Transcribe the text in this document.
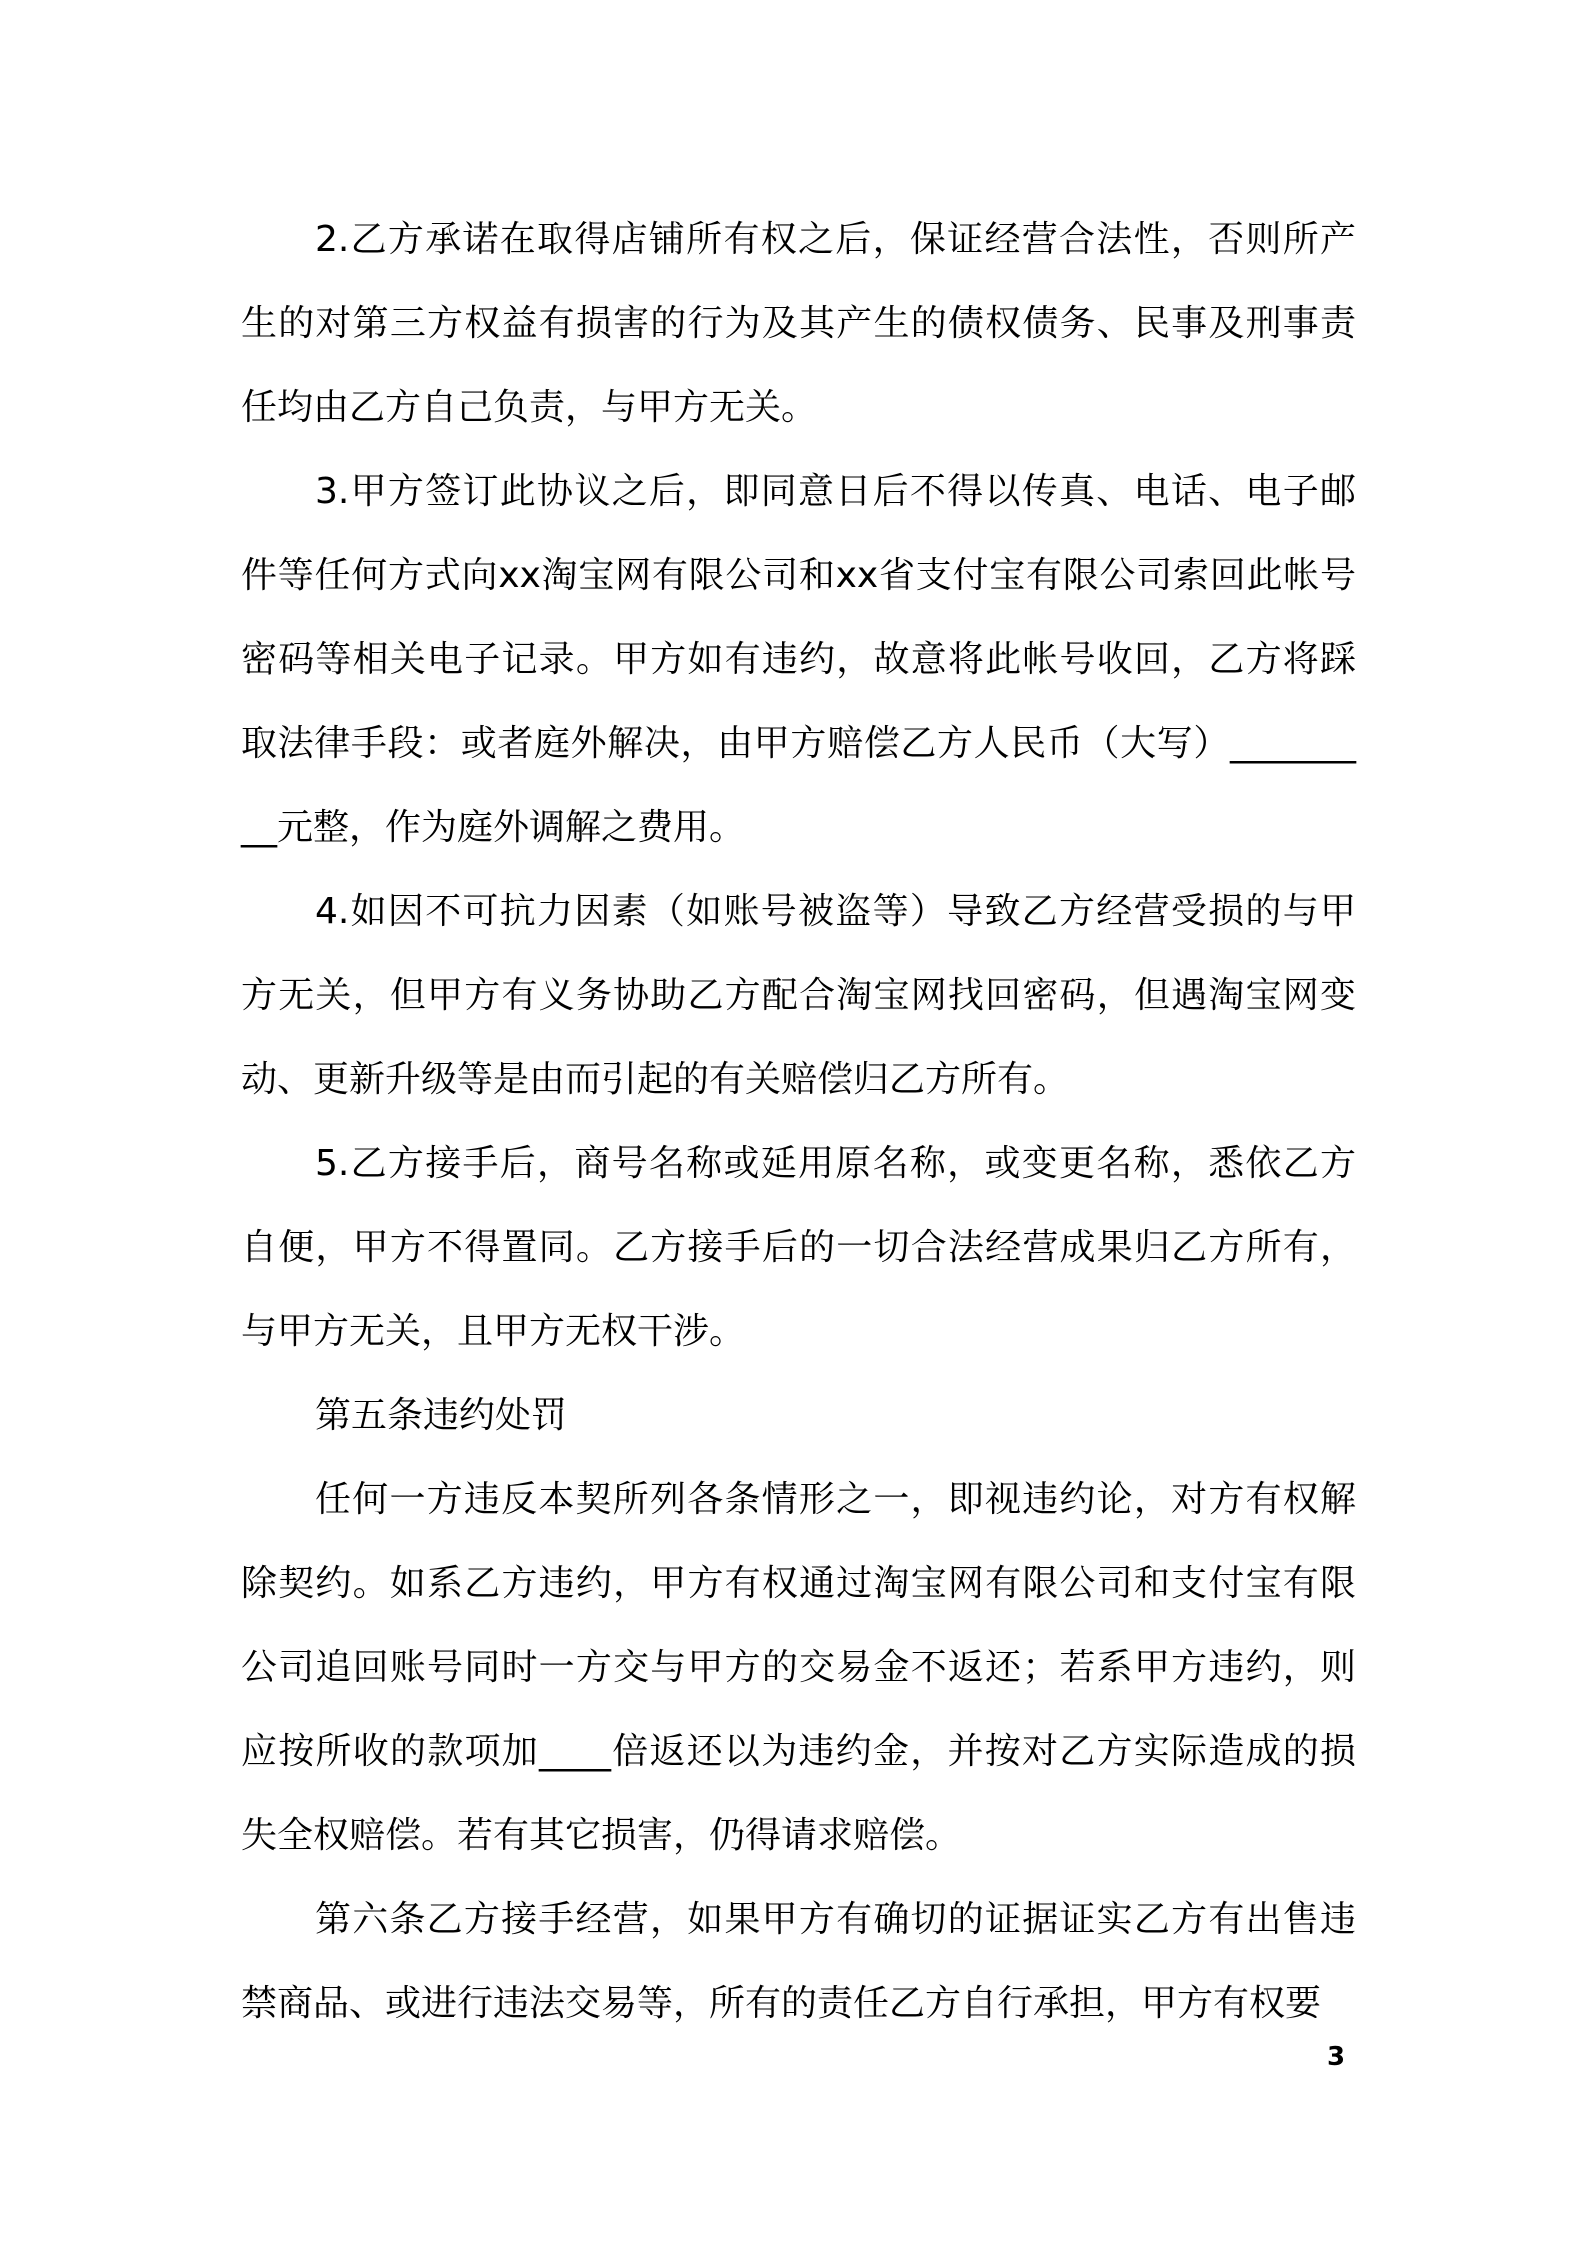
2.乙方承诺在取得店铺所有权之后，保证经营合法性，否则所产生的对第三方权益有损害的行为及其产生的债权债务、民事及刑事责任均由乙方自己负责，与甲方无关。

3.甲方签订此协议之后，即同意日后不得以传真、电话、电子邮件等任何方式向xx淘宝网有限公司和xx省支付宝有限公司索回此帐号密码等相关电子记录。甲方如有违约，故意将此帐号收回，乙方将踩取法律手段：或者庭外解决，由甲方赔偿乙方人民币（大写）_________元整，作为庭外调解之费用。

4.如因不可抗力因素（如账号被盗等）导致乙方经营受损的与甲方无关，但甲方有义务协助乙方配合淘宝网找回密码，但遇淘宝网变动、更新升级等是由而引起的有关赔偿归乙方所有。

5.乙方接手后，商号名称或延用原名称，或变更名称，悉依乙方自便，甲方不得置同。乙方接手后的一切合法经营成果归乙方所有，与甲方无关，且甲方无权干涉。

第五条违约处罚

任何一方违反本契所列各条情形之一，即视违约论，对方有权解除契约。如系乙方违约，甲方有权通过淘宝网有限公司和支付宝有限公司追回账号同时一方交与甲方的交易金不返还；若系甲方违约，则应按所收的款项加____倍返还以为违约金，并按对乙方实际造成的损失全权赔偿。若有其它损害，仍得请求赔偿。

第六条乙方接手经营，如果甲方有确切的证据证实乙方有出售违禁商品、或进行违法交易等，所有的责任乙方自行承担，甲方有权要

3
